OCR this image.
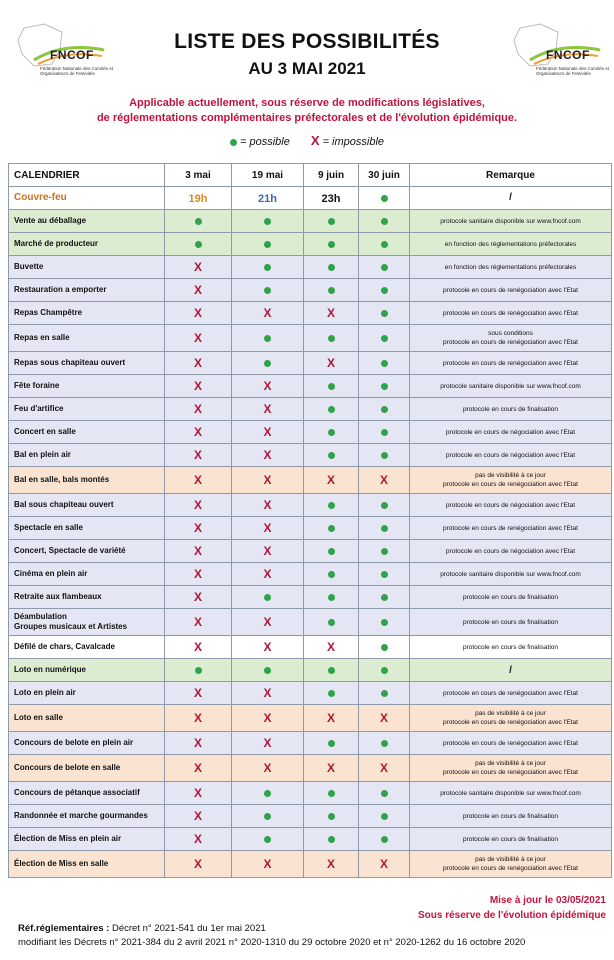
FNCOF
Fédération Nationale des Comités et Organisateurs de Festivités
FNCOF
Fédération Nationale des Comités et Organisateurs de Festivités
LISTE DES POSSIBILITÉS
AU 3 MAI 2021
Applicable actuellement, sous réserve de modifications législatives,
de réglementations complémentaires préfectorales et de l'évolution épidémique.
= possible X = impossible
CALENDRIER	3 mai	19 mai	9 juin	30 juin	Remarque
Couvre-feu	19h	21h	23h		/

Vente au déballage					protocole sanitaire disponible sur www.fncof.com

Marché de producteur					en fonction des réglementations préfectorales

Buvette	X				en fonction des réglementations préfectorales

Restauration a emporter	X				protocole en cours de renégociation avec l'Etat

Repas Champêtre	X	X	X		protocole en cours de renégociation avec l'Etat

Repas en salle	X				sous conditions
protocole en cours de renégociation avec l'Etat

Repas sous chapiteau ouvert	X		X		protocole en cours de renégociation avec l'Etat

Fête foraine	X	X			protocole sanitaire disponible sur www.fncof.com

Feu d'artifice	X	X			protocole en cours de finalisation

Concert en salle	X	X			protocole en cours de négociation avec l'Etat

Bal en plein air	X	X			protocole en cours de négociation avec l'Etat

Bal en salle, bals montés	X	X	X	X	pas de visibilité à ce jour
protocole en cours de renégociation avec l'Etat

Bal sous chapiteau ouvert	X	X			protocole en cours de négociation avec l'Etat

Spectacle en salle	X	X			protocole en cours de renégociation avec l'Etat

Concert, Spectacle de variété	X	X			protocole en cours de négociation avec l'Etat

Cinéma en plein air	X	X			protocole sanitaire disponible sur www.fncof.com

Retraite aux flambeaux	X				protocole en cours de finalisation

Déambulation
Groupes musicaux et Artistes	X	X			protocole en cours de finalisation

Défilé de chars, Cavalcade	X	X	X		protocole en cours de finalisation

Loto en numérique					/

Loto en plein air	X	X			protocole en cours de renégociation avec l'Etat

Loto en salle	X	X	X	X	pas de visibilité à ce jour
protocole en cours de renégociation avec l'Etat

Concours de belote en plein air	X	X			protocole en cours de renégociation avec l'Etat

Concours de belote en salle	X	X	X	X	pas de visibilité à ce jour
protocole en cours de renégociation avec l'Etat

Concours de pétanque associatif	X				protocole sanitaire disponible sur www.fncof.com

Randonnée et marche gourmandes	X				protocole en cours de finalisation

Élection de Miss en plein air	X				protocole en cours de finalisation

Élection de Miss en salle	X	X	X	X	pas de visibilité à ce jour
protocole en cours de renégociation avec l'Etat
Mise à jour le 03/05/2021
Sous réserve de l'évolution épidémique
Réf.réglementaires : Décret n° 2021-541 du 1er mai 2021
modifiant les Décrets n° 2021-384 du 2 avril 2021 n° 2020-1310 du 29 octobre 2020 et n° 2020-1262 du 16 octobre 2020
